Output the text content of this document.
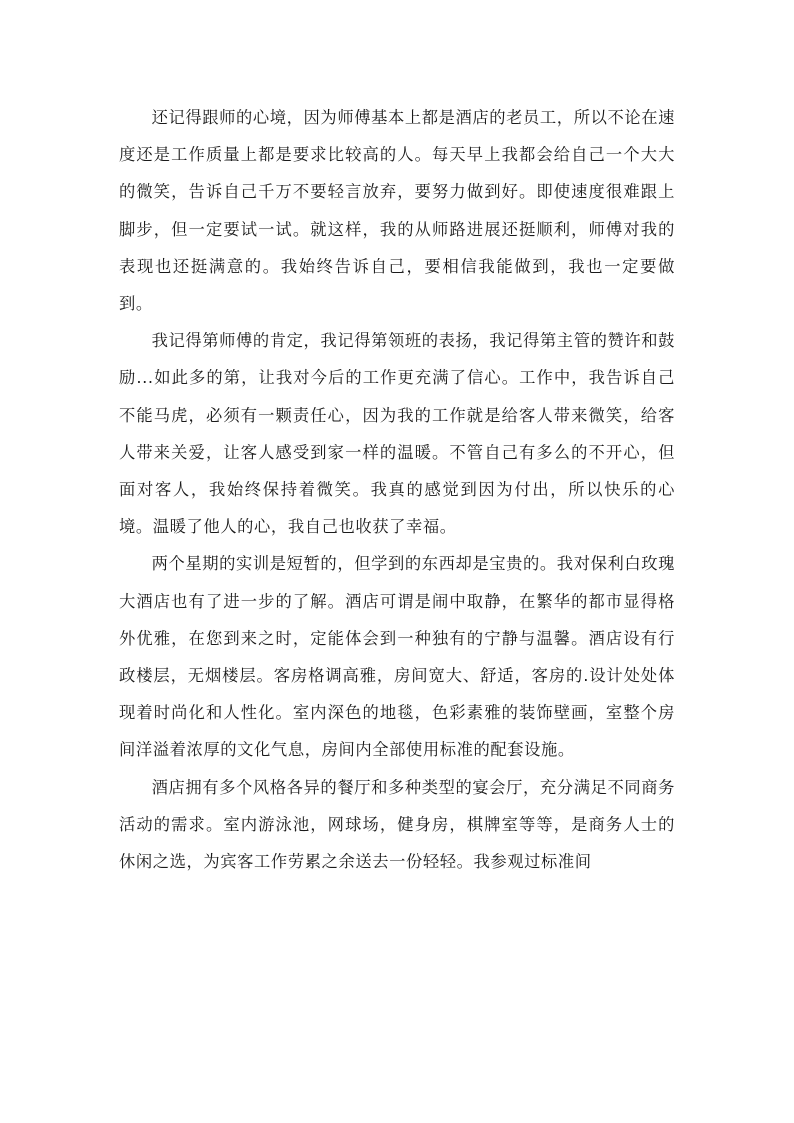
还记得跟师的心境，因为师傅基本上都是酒店的老员工，所以不论在速度还是工作质量上都是要求比较高的人。每天早上我都会给自己一个大大的微笑，告诉自己千万不要轻言放弃，要努力做到好。即使速度很难跟上脚步，但一定要试一试。就这样，我的从师路进展还挺顺利，师傅对我的表现也还挺满意的。我始终告诉自己，要相信我能做到，我也一定要做到。

我记得第师傅的肯定，我记得第领班的表扬，我记得第主管的赞许和鼓励...如此多的第，让我对今后的工作更充满了信心。工作中，我告诉自己不能马虎，必须有一颗责任心，因为我的工作就是给客人带来微笑，给客人带来关爱，让客人感受到家一样的温暖。不管自己有多么的不开心，但面对客人，我始终保持着微笑。我真的感觉到因为付出，所以快乐的心境。温暖了他人的心，我自己也收获了幸福。

两个星期的实训是短暂的，但学到的东西却是宝贵的。我对保利白玫瑰大酒店也有了进一步的了解。酒店可谓是闹中取静，在繁华的都市显得格外优雅，在您到来之时，定能体会到一种独有的宁静与温馨。酒店设有行政楼层，无烟楼层。客房格调高雅，房间宽大、舒适，客房的.设计处处体现着时尚化和人性化。室内深色的地毯，色彩素雅的装饰壁画，室整个房间洋溢着浓厚的文化气息，房间内全部使用标准的配套设施。

酒店拥有多个风格各异的餐厅和多种类型的宴会厅，充分满足不同商务活动的需求。室内游泳池，网球场，健身房，棋牌室等等，是商务人士的休闲之选，为宾客工作劳累之余送去一份轻轻。我参观过标准间
